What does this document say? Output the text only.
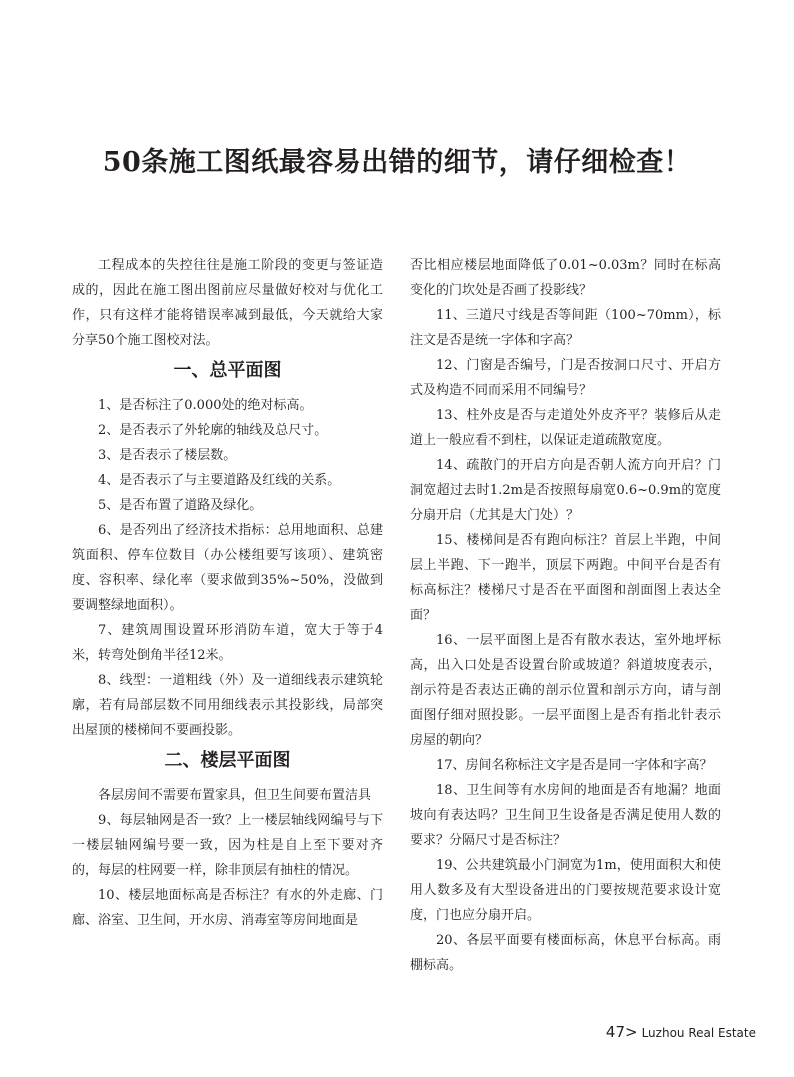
50条施工图纸最容易出错的细节，请仔细检查！

工程成本的失控往往是施工阶段的变更与签证造成的，因此在施工图出图前应尽量做好校对与优化工作，只有这样才能将错误率减到最低，今天就给大家分享50个施工图校对法。

一、总平面图

1、是否标注了0.000处的绝对标高。

2、是否表示了外轮廓的轴线及总尺寸。

3、是否表示了楼层数。

4、是否表示了与主要道路及红线的关系。

5、是否布置了道路及绿化。

6、是否列出了经济技术指标：总用地面积、总建筑面积、停车位数目（办公楼组要写该项）、建筑密度、容积率、绿化率（要求做到35%~50%，没做到要调整绿地面积）。

7、建筑周围设置环形消防车道，宽大于等于4米，转弯处倒角半径12米。

8、线型：一道粗线（外）及一道细线表示建筑轮廓，若有局部层数不同用细线表示其投影线，局部突出屋顶的楼梯间不要画投影。

二、楼层平面图

各层房间不需要布置家具，但卫生间要布置洁具

9、每层轴网是否一致？上一楼层轴线网编号与下一楼层轴网编号要一致，因为柱是自上至下要对齐的，每层的柱网要一样，除非顶层有抽柱的情况。

10、楼层地面标高是否标注？有水的外走廊、门廊、浴室、卫生间，开水房、消毒室等房间地面是

否比相应楼层地面降低了0.01~0.03m？同时在标高变化的门坎处是否画了投影线？

11、三道尺寸线是否等间距（100~70mm），标注文是否是统一字体和字高？

12、门窗是否编号，门是否按洞口尺寸、开启方式及构造不同而采用不同编号？

13、柱外皮是否与走道处外皮齐平？装修后从走道上一般应看不到柱，以保证走道疏散宽度。

14、疏散门的开启方向是否朝人流方向开启？门洞宽超过去时1.2m是否按照每扇宽0.6~0.9m的宽度分扇开启（尤其是大门处）？

15、楼梯间是否有跑向标注？首层上半跑，中间层上半跑、下一跑半，顶层下两跑。中间平台是否有标高标注？楼梯尺寸是否在平面图和剖面图上表达全面？

16、一层平面图上是否有散水表达，室外地坪标高，出入口处是否设置台阶或坡道？斜道坡度表示，剖示符是否表达正确的剖示位置和剖示方向，请与剖面图仔细对照投影。一层平面图上是否有指北针表示房屋的朝向？

17、房间名称标注文字是否是同一字体和字高？

18、卫生间等有水房间的地面是否有地漏？地面坡向有表达吗？卫生间卫生设备是否满足使用人数的要求？分隔尺寸是否标注？

19、公共建筑最小门洞宽为1m，使用面积大和使用人数多及有大型设备进出的门要按规范要求设计宽度，门也应分扇开启。

20、各层平面要有楼面标高，休息平台标高。雨棚标高。

47> Luzhou Real Estate
